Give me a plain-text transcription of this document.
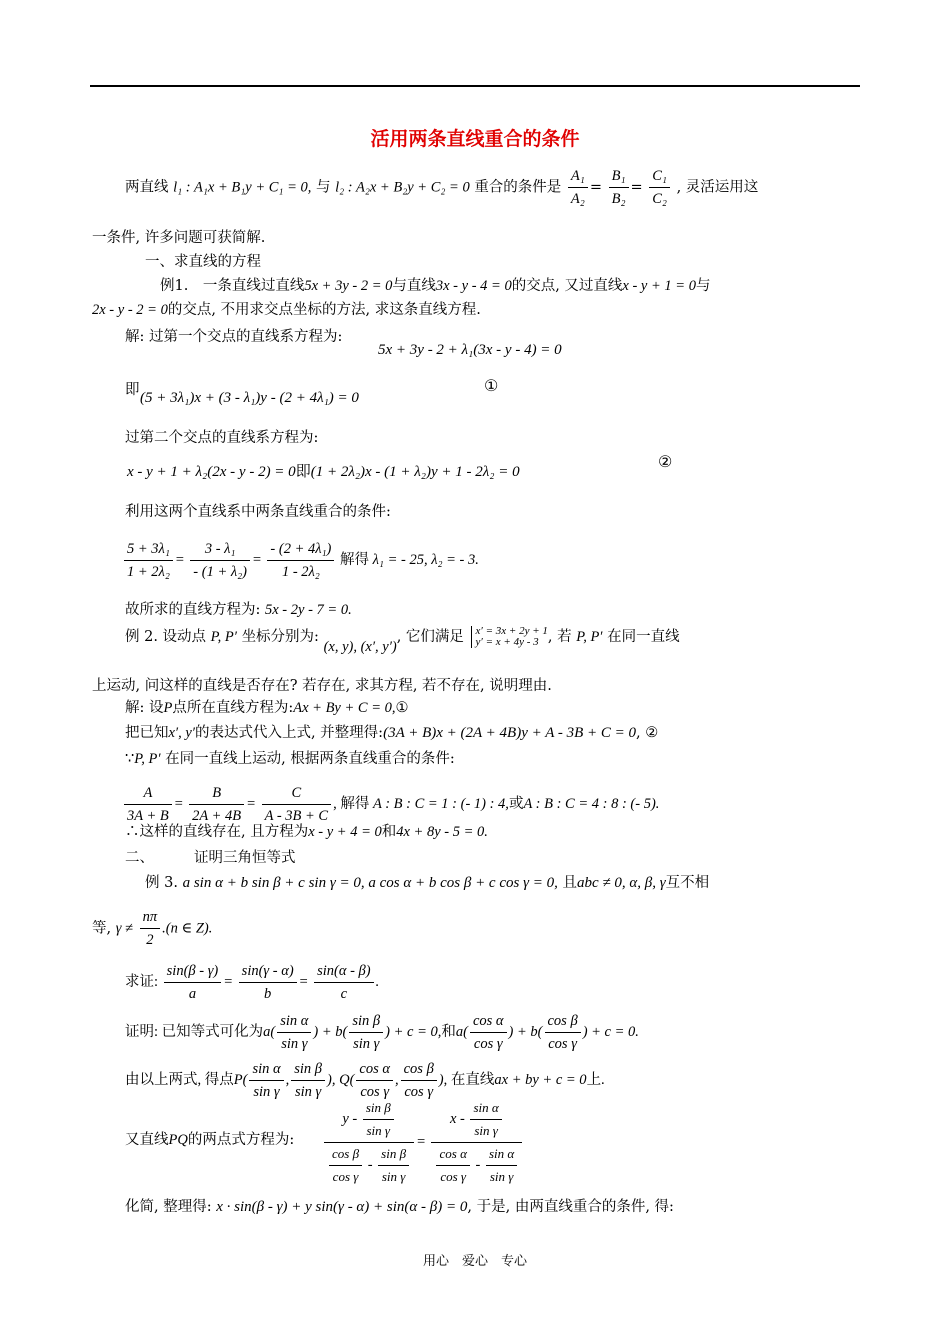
活用两条直线重合的条件
两直线 l₁ : A₁x + B₁y + C₁ = 0, 与 l₂ : A₂x + B₂y + C₂ = 0 重合的条件是 $\frac{\text{A₁}}{\text{A₂}} = \frac{\text{B₁}}{\text{B₂}} = \frac{\text{C₁}}{\text{C₂}}$ , 灵活运用这
一条件, 许多问题可获简解.
一、求直线的方程
例1.　一条直线过直线5x + 3y - 2 = 0与直线3x - y - 4 = 0的交点, 又过直线x - y + 1 = 0与
2x - y - 2 = 0的交点, 不用求交点坐标的方法, 求这条直线方程.
解: 过第一个交点的直线系方程为:
5x + 3y - 2 + λ₁(3x - y - 4) = 0
即 (5 + 3λ₁)x + (3 - λ₁)y - (2 + 4λ₁) = 0
①
过第二个交点的直线系方程为:
x - y + 1 + λ₂(2x - y - 2) = 0即(1 + 2λ₂)x - (1 + λ₂)y + 1 - 2λ₂ = 0
②
利用这两个直线系中两条直线重合的条件:
$\frac{\text{5 + 3λ₁}}{\text{1 + 2λ₂}} = \frac{\text{3 - λ₁}}{\text{- (1 + λ₂)}} = \frac{\text{- (2 + 4λ₁)}}{\text{1 - 2λ₂}}$ 解得 λ₁ = - 25, λ₂ = - 3.
故所求的直线方程为: 5x - 2y - 7 = 0.
例 2. 设动点 P, P′ 坐标分别为: (x, y), (x′, y′), 它们满足 x′ = 3x + 2y + 1
y′ = x + 4y - 3 , 若 P, P′ 在同一直线
上运动, 问这样的直线是否存在? 若存在, 求其方程, 若不存在, 说明理由.
解: 设P点所在直线方程为:Ax + By + C = 0,①
把已知x′, y′的表达式代入上式, 并整理得:(3A + B)x + (2A + 4B)y + A - 3B + C = 0, ②
∵P, P′ 在同一直线上运动, 根据两条直线重合的条件:
$\frac{A}{3A + B} = \frac{B}{2A + 4B} = \frac{C}{A - 3B + C}$ , 解得 A : B : C = 1 : (- 1) : 4,或A : B : C = 4 : 8 : (- 5).
∴这样的直线存在, 且方程为x - y + 4 = 0和4x + 8y - 5 = 0.
二、	证明三角恒等式
例 3. a sin α + b sin β + c sin γ = 0, a cos α + b cos β + c cos γ = 0, 且abc ≠ 0, α, β, γ互不相
等, $\gamma \ne \frac{n\pi}{2} .(n$ ∈ Z).
求证: $\frac{\sin(\beta - \gamma)}{a} = \frac{\sin(\gamma - \alpha)}{b} = \frac{\sin(\alpha - \beta)}{c}$ .
证明: 已知等式可化为$a( \frac{\text{sin α}}{\text{sin γ}}$ ) + $b( \frac{\text{sin β}}{\text{sin γ}}$ ) + c = 0,和$a( \frac{\text{cos α}}{\text{cos γ}}$ ) + $b( \frac{\text{cos β}}{\text{cos γ}}$ ) + c = 0.
由以上两式, 得点$P( \frac{\text{sin α}}{\text{sin γ}}$ , $\frac{\text{sin β}}{\text{sin γ}}$ ), $Q( \frac{\text{cos α}}{\text{cos γ}}$ , $\frac{\text{cos β}}{\text{cos γ}}$ ), 在直线ax + by + c = 0上.
又直线PQ的两点式方程为: $\frac{y - \frac{\text{sin β}}{\text{sin γ}}}{\frac{\text{cos β}}{\text{cos γ}} - \frac{\text{sin β}}{\text{sin γ}}} = \frac{x - \frac{\text{sin α}}{\text{sin γ}}}{\frac{\text{cos α}}{\text{cos γ}} - \frac{\text{sin α}}{\text{sin γ}}}$
化简, 整理得: x · sin(β - γ) + y sin(γ - α) + sin(α - β) = 0, 于是, 由两直线重合的条件, 得:
用心　爱心　专心
